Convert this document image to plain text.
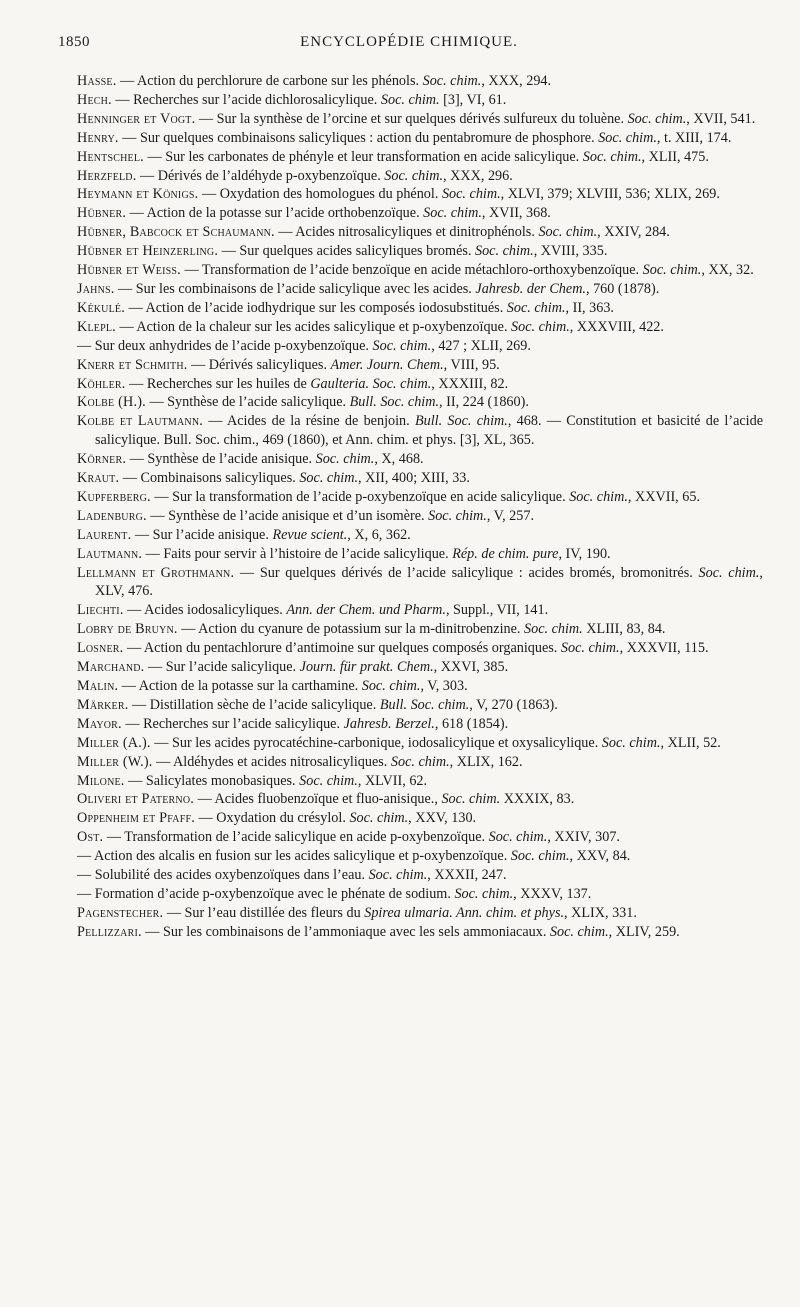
1850	ENCYCLOPÉDIE CHIMIQUE.

Hasse. — Action du perchlorure de carbone sur les phénols. Soc. chim., XXX, 294.

Hech. — Recherches sur l’acide dichlorosalicylique. Soc. chim. [3], VI, 61.

Henninger et Vogt. — Sur la synthèse de l’orcine et sur quelques dérivés sulfureux du toluène. Soc. chim., XVII, 541.

Henry. — Sur quelques combinaisons salicyliques : action du pentabromure de phosphore. Soc. chim., t. XIII, 174.

Hentschel. — Sur les carbonates de phényle et leur transformation en acide salicylique. Soc. chim., XLII, 475.

Herzfeld. — Dérivés de l’aldéhyde p-oxybenzoïque. Soc. chim., XXX, 296.

Heymann et Königs. — Oxydation des homologues du phénol. Soc. chim., XLVI, 379; XLVIII, 536; XLIX, 269.

Hübner. — Action de la potasse sur l’acide orthobenzoïque. Soc. chim., XVII, 368.

Hübner, Babcock et Schaumann. — Acides nitrosalicyliques et dinitrophénols. Soc. chim., XXIV, 284.

Hübner et Heinzerling. — Sur quelques acides salicyliques bromés. Soc. chim., XVIII, 335.

Hübner et Weiss. — Transformation de l’acide benzoïque en acide métachloro-orthoxybenzoïque. Soc. chim., XX, 32.

Jahns. — Sur les combinaisons de l’acide salicylique avec les acides. Jahresb. der Chem., 760 (1878).

Kékulé. — Action de l’acide iodhydrique sur les composés iodosubstitués. Soc. chim., II, 363.

Klepl. — Action de la chaleur sur les acides salicylique et p-oxybenzoïque. Soc. chim., XXXVIII, 422.

— Sur deux anhydrides de l’acide p-oxybenzoïque. Soc. chim., 427 ; XLII, 269.

Knerr et Schmith. — Dérivés salicyliques. Amer. Journ. Chem., VIII, 95.

Köhler. — Recherches sur les huiles de Gaulteria. Soc. chim., XXXIII, 82.

Kolbe (H.). — Synthèse de l’acide salicylique. Bull. Soc. chim., II, 224 (1860).

Kolbe et Lautmann. — Acides de la résine de benjoin. Bull. Soc. chim., 468. — Constitution et basicité de l’acide salicylique. Bull. Soc. chim., 469 (1860), et Ann. chim. et phys. [3], XL, 365.

Körner. — Synthèse de l’acide anisique. Soc. chim., X, 468.

Kraut. — Combinaisons salicyliques. Soc. chim., XII, 400; XIII, 33.

Kupferberg. — Sur la transformation de l’acide p-oxybenzoïque en acide salicylique. Soc. chim., XXVII, 65.

Ladenburg. — Synthèse de l’acide anisique et d’un isomère. Soc. chim., V, 257.

Laurent. — Sur l’acide anisique. Revue scient., X, 6, 362.

Lautmann. — Faits pour servir à l’histoire de l’acide salicylique. Rép. de chim. pure, IV, 190.

Lellmann et Grothmann. — Sur quelques dérivés de l’acide salicylique : acides bromés, bromonitrés. Soc. chim., XLV, 476.

Liechti. — Acides iodosalicyliques. Ann. der Chem. und Pharm., Suppl., VII, 141.

Lobry de Bruyn. — Action du cyanure de potassium sur la m-dinitrobenzine. Soc. chim. XLIII, 83, 84.

Losner. — Action du pentachlorure d’antimoine sur quelques composés organiques. Soc. chim., XXXVII, 115.

Marchand. — Sur l’acide salicylique. Journ. für prakt. Chem., XXVI, 385.

Malin. — Action de la potasse sur la carthamine. Soc. chim., V, 303.

Märker. — Distillation sèche de l’acide salicylique. Bull. Soc. chim., V, 270 (1863).

Mayor. — Recherches sur l’acide salicylique. Jahresb. Berzel., 618 (1854).

Miller (A.). — Sur les acides pyrocatéchine-carbonique, iodosalicylique et oxysalicylique. Soc. chim., XLII, 52.

Miller (W.). — Aldéhydes et acides nitrosalicyliques. Soc. chim., XLIX, 162.

Milone. — Salicylates monobasiques. Soc. chim., XLVII, 62.

Oliveri et Paterno. — Acides fluobenzoïque et fluo-anisique., Soc. chim. XXXIX, 83.

Oppenheim et Pfaff. — Oxydation du crésylol. Soc. chim., XXV, 130.

Ost. — Transformation de l’acide salicylique en acide p-oxybenzoïque. Soc. chim., XXIV, 307.

— Action des alcalis en fusion sur les acides salicylique et p-oxybenzoïque. Soc. chim., XXV, 84.

— Solubilité des acides oxybenzoïques dans l’eau. Soc. chim., XXXII, 247.

— Formation d’acide p-oxybenzoïque avec le phénate de sodium. Soc. chim., XXXV, 137.

Pagenstecher. — Sur l’eau distillée des fleurs du Spirea ulmaria. Ann. chim. et phys., XLIX, 331.

Pellizzari. — Sur les combinaisons de l’ammoniaque avec les sels ammoniacaux. Soc. chim., XLIV, 259.
